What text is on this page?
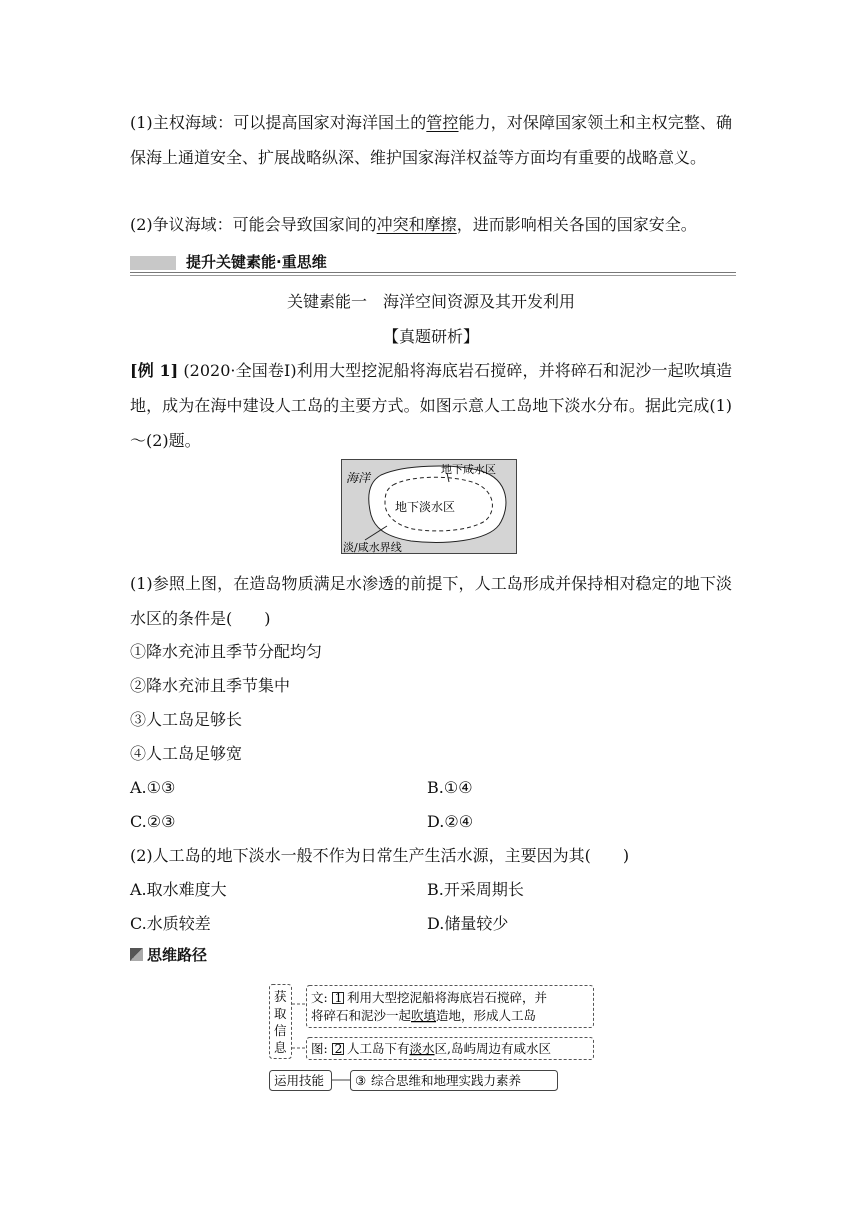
(1)主权海域：可以提高国家对海洋国土的管控能力，对保障国家领土和主权完整、确保海上通道安全、扩展战略纵深、维护国家海洋权益等方面均有重要的战略意义。
(2)争议海域：可能会导致国家间的冲突和摩擦，进而影响相关各国的国家安全。
提升关键素能·重思维
关键素能一　海洋空间资源及其开发利用
【真题研析】
[例 1] (2020·全国卷Ⅰ)利用大型挖泥船将海底岩石搅碎，并将碎石和泥沙一起吹填造地，成为在海中建设人工岛的主要方式。如图示意人工岛地下淡水分布。据此完成(1)～(2)题。
海洋
地下咸水区
地下淡水区
淡/咸水界线
(1)参照上图，在造岛物质满足水渗透的前提下，人工岛形成并保持相对稳定的地下淡水区的条件是(　　)
①降水充沛且季节分配均匀
②降水充沛且季节集中
③人工岛足够长
④人工岛足够宽
A.①③	B.①④
C.②③	D.②④
(2)人工岛的地下淡水一般不作为日常生产生活水源，主要因为其(　　)
A.取水难度大	B.开采周期长
C.水质较差	D.储量较少
思维路径
获
取
信
息
文: 1 利用大型挖泥船将海底岩石搅碎，并
将碎石和泥沙一起吹填造地，形成人工岛
图: 2 人工岛下有淡水区,岛屿周边有咸水区
运用技能 ③ 综合思维和地理实践力素养
